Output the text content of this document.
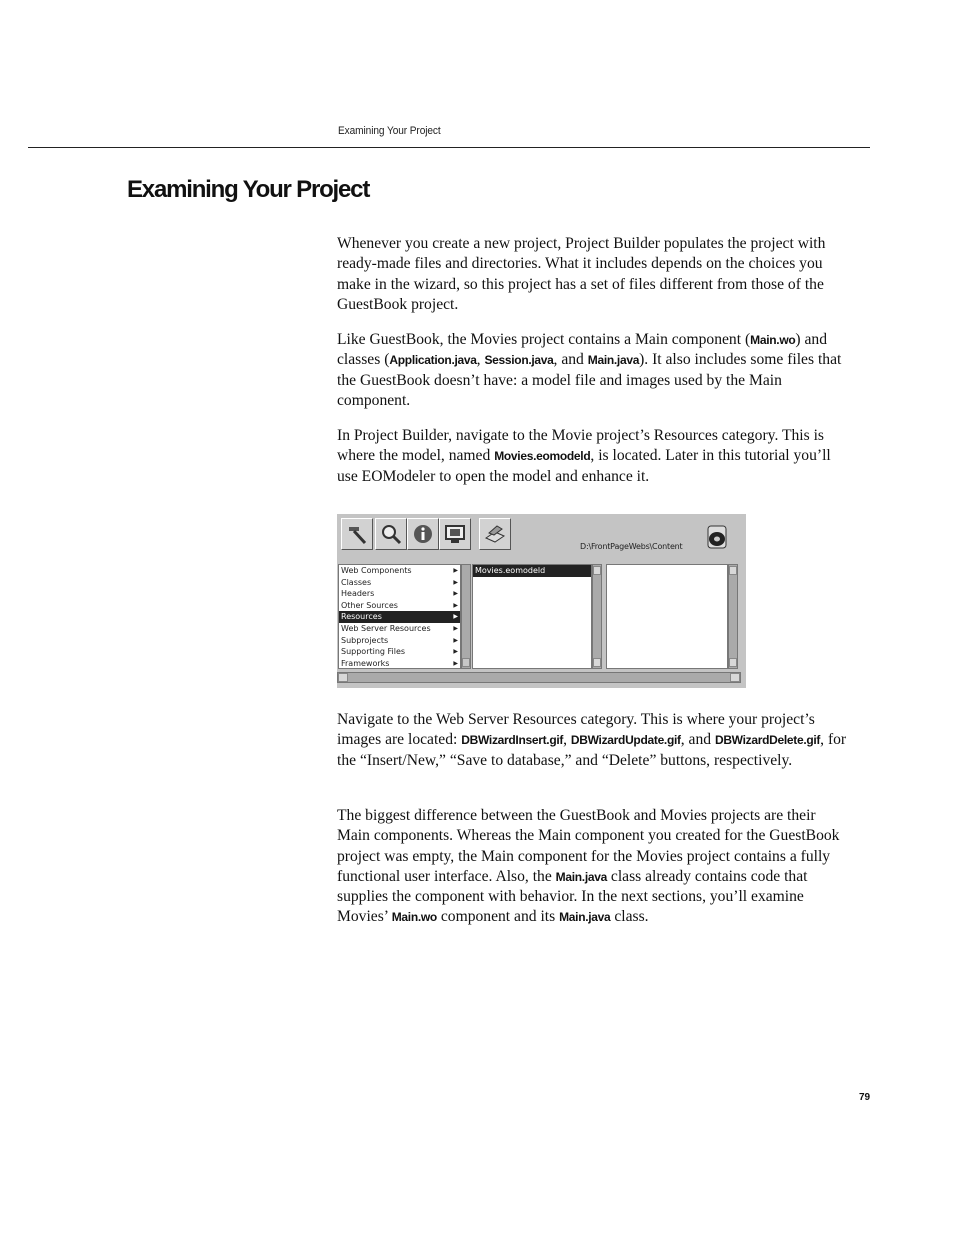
Examining Your Project
Examining Your Project

Whenever you create a new project, Project Builder populates the project with ready-made files and directories. What it includes depends on the choices you make in the wizard, so this project has a set of files different from those of the GuestBook project.

Like GuestBook, the Movies project contains a Main component (Main.wo) and classes (Application.java, Session.java, and Main.java). It also includes some files that the GuestBook doesn’t have: a model file and images used by the Main component.

In Project Builder, navigate to the Movie project’s Resources category. This is where the model, named Movies.eomodeld, is located. Later in this tutorial you’ll use EOModeler to open the model and enhance it.

D:\FrontPageWebs\Content
Web Components	▶
Classes	▶
Headers	▶
Other Sources	▶
Resources	▶
Web Server Resources	▶
Subprojects	▶
Supporting Files	▶
Frameworks	▶
Movies.eomodeld

Navigate to the Web Server Resources category. This is where your project’s images are located: DBWizardInsert.gif, DBWizardUpdate.gif, and DBWizardDelete.gif, for the “Insert/New,” “Save to database,” and “Delete” buttons, respectively.

The biggest difference between the GuestBook and Movies projects are their Main components. Whereas the Main component you created for the GuestBook project was empty, the Main component for the Movies project contains a fully functional user interface. Also, the Main.java class already contains code that supplies the component with behavior. In the next sections, you’ll examine Movies’ Main.wo component and its Main.java class.

79
